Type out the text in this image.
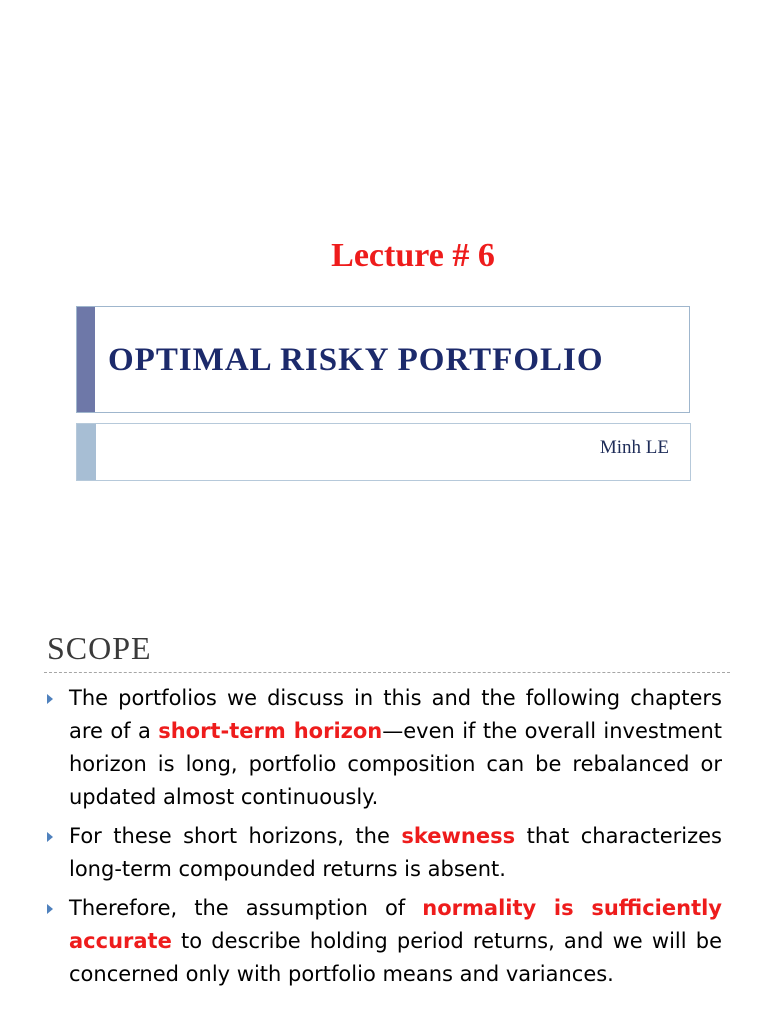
Lecture # 6
OPTIMAL RISKY PORTFOLIO
Minh LE
SCOPE
The portfolios we discuss in this and the following chapters are of a short-term horizon—even if the overall investment horizon is long, portfolio composition can be rebalanced or updated almost continuously.
For these short horizons, the skewness that characterizes long-term compounded returns is absent.
Therefore, the assumption of normality is sufficiently accurate to describe holding period returns, and we will be concerned only with portfolio means and variances.
